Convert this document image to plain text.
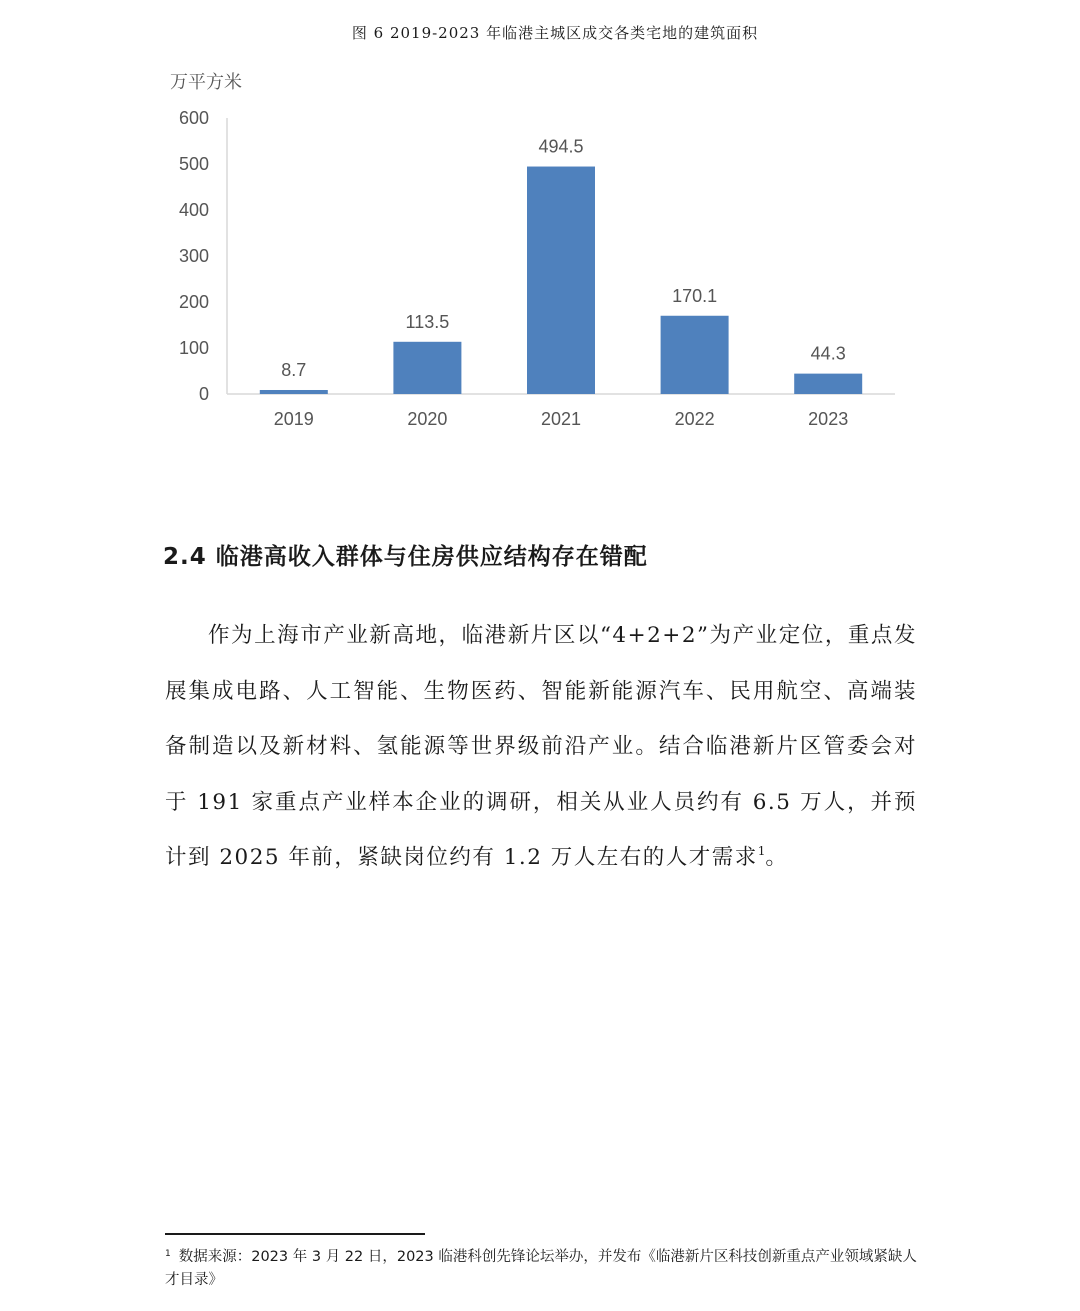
图 6 2019-2023 年临港主城区成交各类宅地的建筑面积
万平方米
0
100
200
300
400
500
600
8.7
2019
113.5
2020
494.5
2021
170.1
2022
44.3
2023
2.4 临港高收入群体与住房供应结构存在错配
作为上海市产业新高地，临港新片区以“4+2+2”为产业定位，重点发展集成电路、人工智能、生物医药、智能新能源汽车、民用航空、高端装备制造以及新材料、氢能源等世界级前沿产业。结合临港新片区管委会对于 191 家重点产业样本企业的调研，相关从业人员约有 6.5 万人，并预计到 2025 年前，紧缺岗位约有 1.2 万人左右的人才需求$^1$。
$^1$ 数据来源：2023 年 3 月 22 日，2023 临港科创先锋论坛举办，并发布《临港新片区科技创新重点产业领域紧缺人才目录》
